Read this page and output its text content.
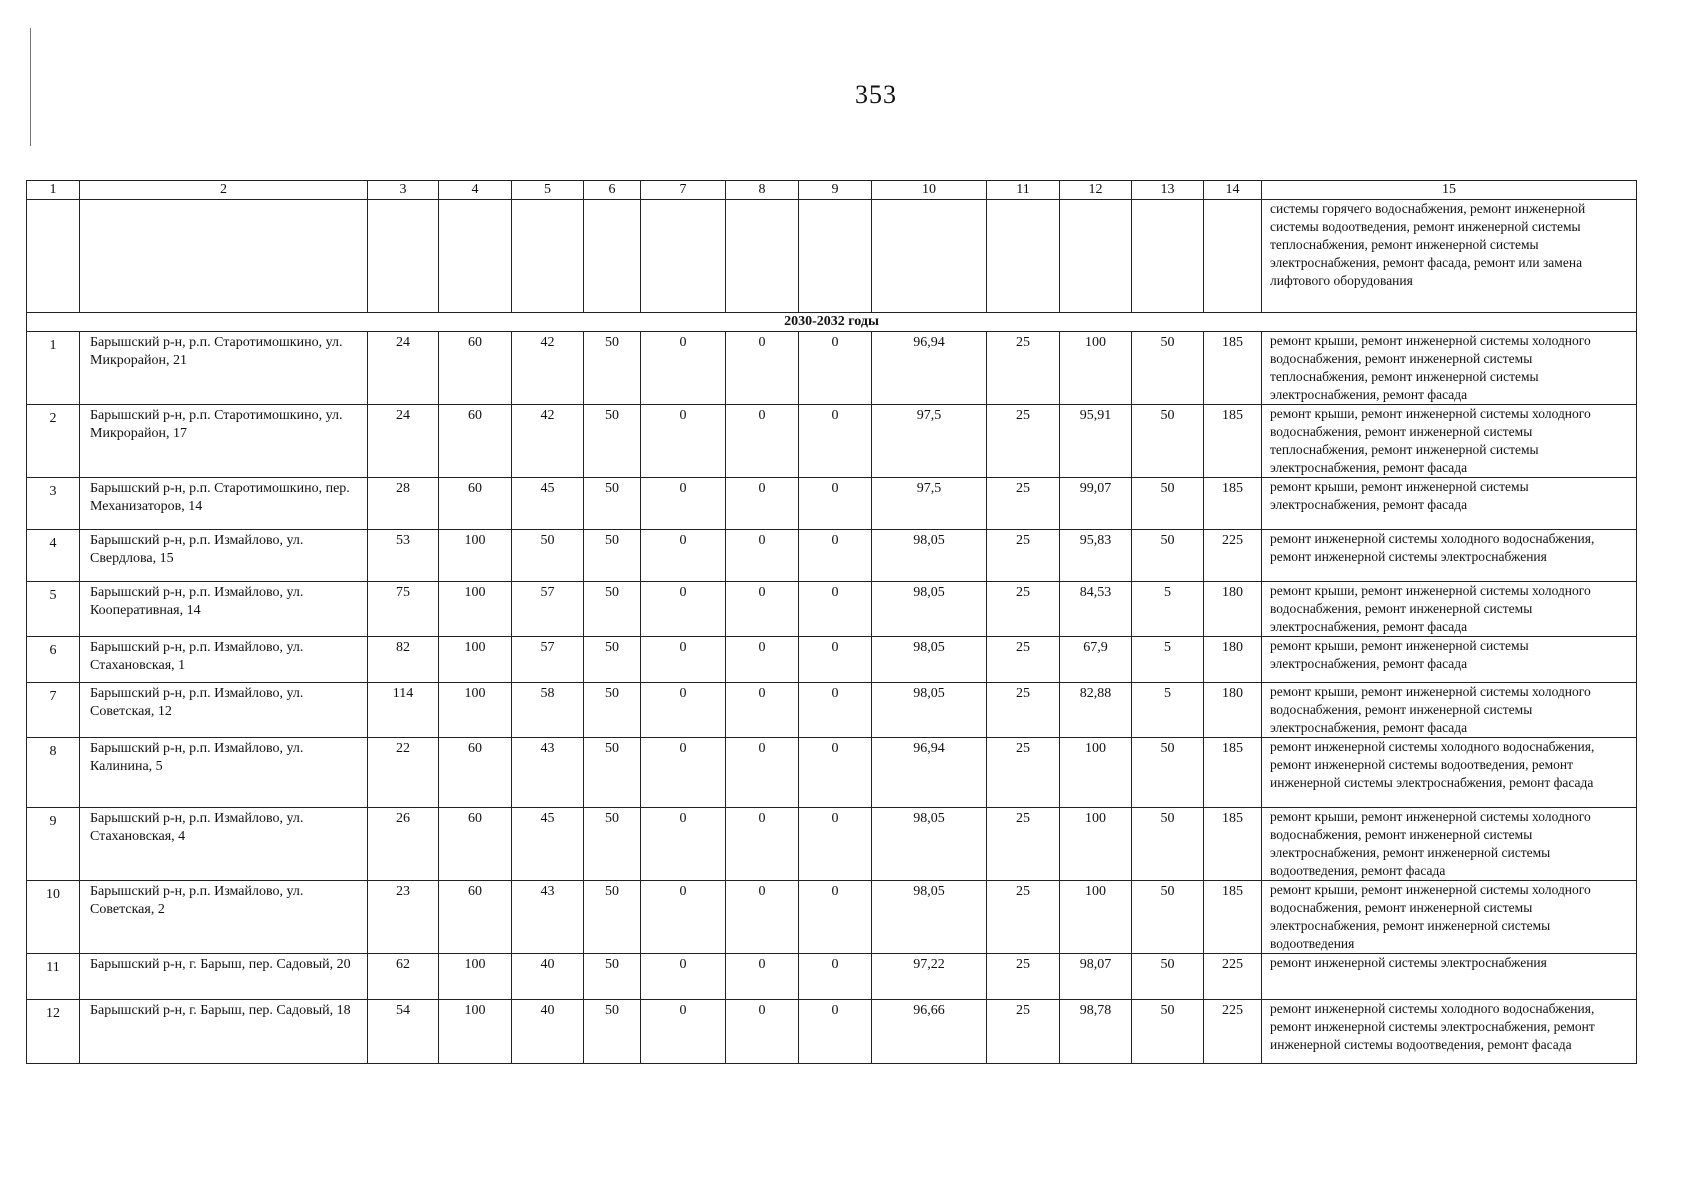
353
1	2	3	4	5	6	7	8	9	10	11	12	13	14	15
														системы горячего водоснабжения, ремонт инженерной системы водоотведения, ремонт инженерной системы теплоснабжения, ремонт инженерной системы электроснабжения, ремонт фасада, ремонт или замена лифтового оборудования
2030-2032 годы														
1	Барышский р-н, р.п. Старотимошкино, ул. Микрорайон, 21	24	60	42	50	0	0	0	96,94	25	100	50	185	ремонт крыши, ремонт инженерной системы холодного водоснабжения, ремонт инженерной системы теплоснабжения, ремонт инженерной системы электроснабжения, ремонт фасада
2	Барышский р-н, р.п. Старотимошкино, ул. Микрорайон, 17	24	60	42	50	0	0	0	97,5	25	95,91	50	185	ремонт крыши, ремонт инженерной системы холодного водоснабжения, ремонт инженерной системы теплоснабжения, ремонт инженерной системы электроснабжения, ремонт фасада
3	Барышский р-н, р.п. Старотимошкино, пер. Механизаторов, 14	28	60	45	50	0	0	0	97,5	25	99,07	50	185	ремонт крыши, ремонт инженерной системы электроснабжения, ремонт фасада
4	Барышский р-н, р.п. Измайлово, ул. Свердлова, 15	53	100	50	50	0	0	0	98,05	25	95,83	50	225	ремонт инженерной системы холодного водоснабжения, ремонт инженерной системы электроснабжения
5	Барышский р-н, р.п. Измайлово, ул. Кооперативная, 14	75	100	57	50	0	0	0	98,05	25	84,53	5	180	ремонт крыши, ремонт инженерной системы холодного водоснабжения, ремонт инженерной системы электроснабжения, ремонт фасада
6	Барышский р-н, р.п. Измайлово, ул. Стахановская, 1	82	100	57	50	0	0	0	98,05	25	67,9	5	180	ремонт крыши, ремонт инженерной системы электроснабжения, ремонт фасада
7	Барышский р-н, р.п. Измайлово, ул. Советская, 12	114	100	58	50	0	0	0	98,05	25	82,88	5	180	ремонт крыши, ремонт инженерной системы холодного водоснабжения, ремонт инженерной системы электроснабжения, ремонт фасада
8	Барышский р-н, р.п. Измайлово, ул. Калинина, 5	22	60	43	50	0	0	0	96,94	25	100	50	185	ремонт инженерной системы холодного водоснабжения, ремонт инженерной системы водоотведения, ремонт инженерной системы электроснабжения, ремонт фасада
9	Барышский р-н, р.п. Измайлово, ул. Стахановская, 4	26	60	45	50	0	0	0	98,05	25	100	50	185	ремонт крыши, ремонт инженерной системы холодного водоснабжения, ремонт инженерной системы электроснабжения, ремонт инженерной системы водоотведения, ремонт фасада
10	Барышский р-н, р.п. Измайлово, ул. Советская, 2	23	60	43	50	0	0	0	98,05	25	100	50	185	ремонт крыши, ремонт инженерной системы холодного водоснабжения, ремонт инженерной системы электроснабжения, ремонт инженерной системы водоотведения
11	Барышский р-н, г. Барыш, пер. Садовый, 20	62	100	40	50	0	0	0	97,22	25	98,07	50	225	ремонт инженерной системы электроснабжения
12	Барышский р-н, г. Барыш, пер. Садовый, 18	54	100	40	50	0	0	0	96,66	25	98,78	50	225	ремонт инженерной системы холодного водоснабжения, ремонт инженерной системы электроснабжения, ремонт инженерной системы водоотведения, ремонт фасада
